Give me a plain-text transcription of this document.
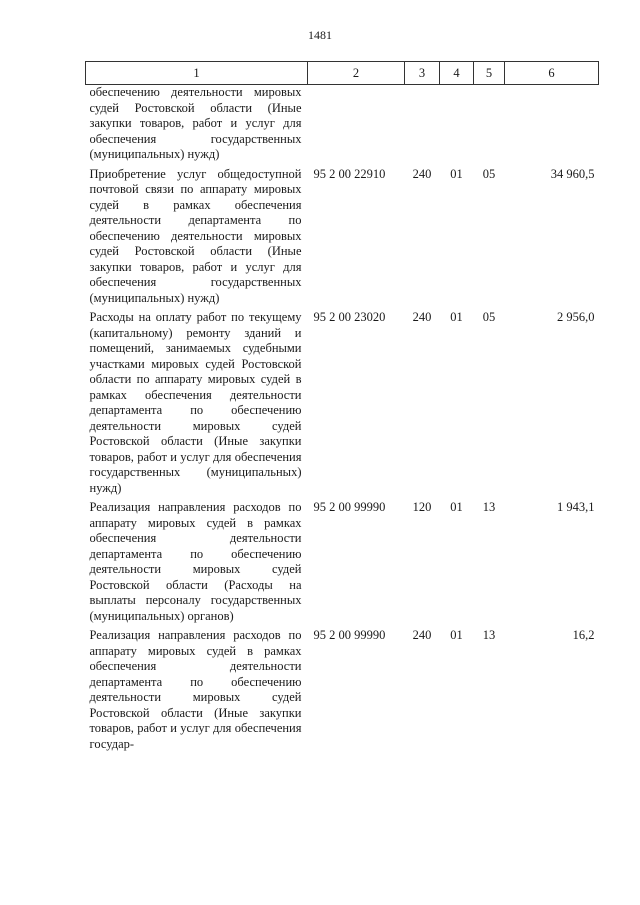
1481
1	2	3	4	5	6
обеспечению деятельности мировых судей Ростовской области (Иные закупки товаров, работ и услуг для обеспечения государственных (муниципальных) нужд)					
Приобретение услуг общедоступной почтовой связи по аппарату мировых судей в рамках обеспечения деятельности департамента по обеспечению деятельности мировых судей Ростовской области (Иные закупки товаров, работ и услуг для обеспечения государственных (муниципальных) нужд)	95 2 00 22910	240	01	05	34 960,5
Расходы на оплату работ по текущему (капитальному) ремонту зданий и помещений, занимаемых судебными участками мировых судей Ростовской области по аппарату мировых судей в рамках обеспечения деятельности департамента по обеспечению деятельности мировых судей Ростовской области (Иные закупки товаров, работ и услуг для обеспечения государственных (муниципальных) нужд)	95 2 00 23020	240	01	05	2 956,0
Реализация направления расходов по аппарату мировых судей в рамках обеспечения деятельности департамента по обеспечению деятельности мировых судей Ростовской области (Расходы на выплаты персоналу государственных (муниципальных) органов)	95 2 00 99990	120	01	13	1 943,1
Реализация направления расходов по аппарату мировых судей в рамках обеспечения деятельности департамента по обеспечению деятельности мировых судей Ростовской области (Иные закупки товаров, работ и услуг для обеспечения государ-	95 2 00 99990	240	01	13	16,2
